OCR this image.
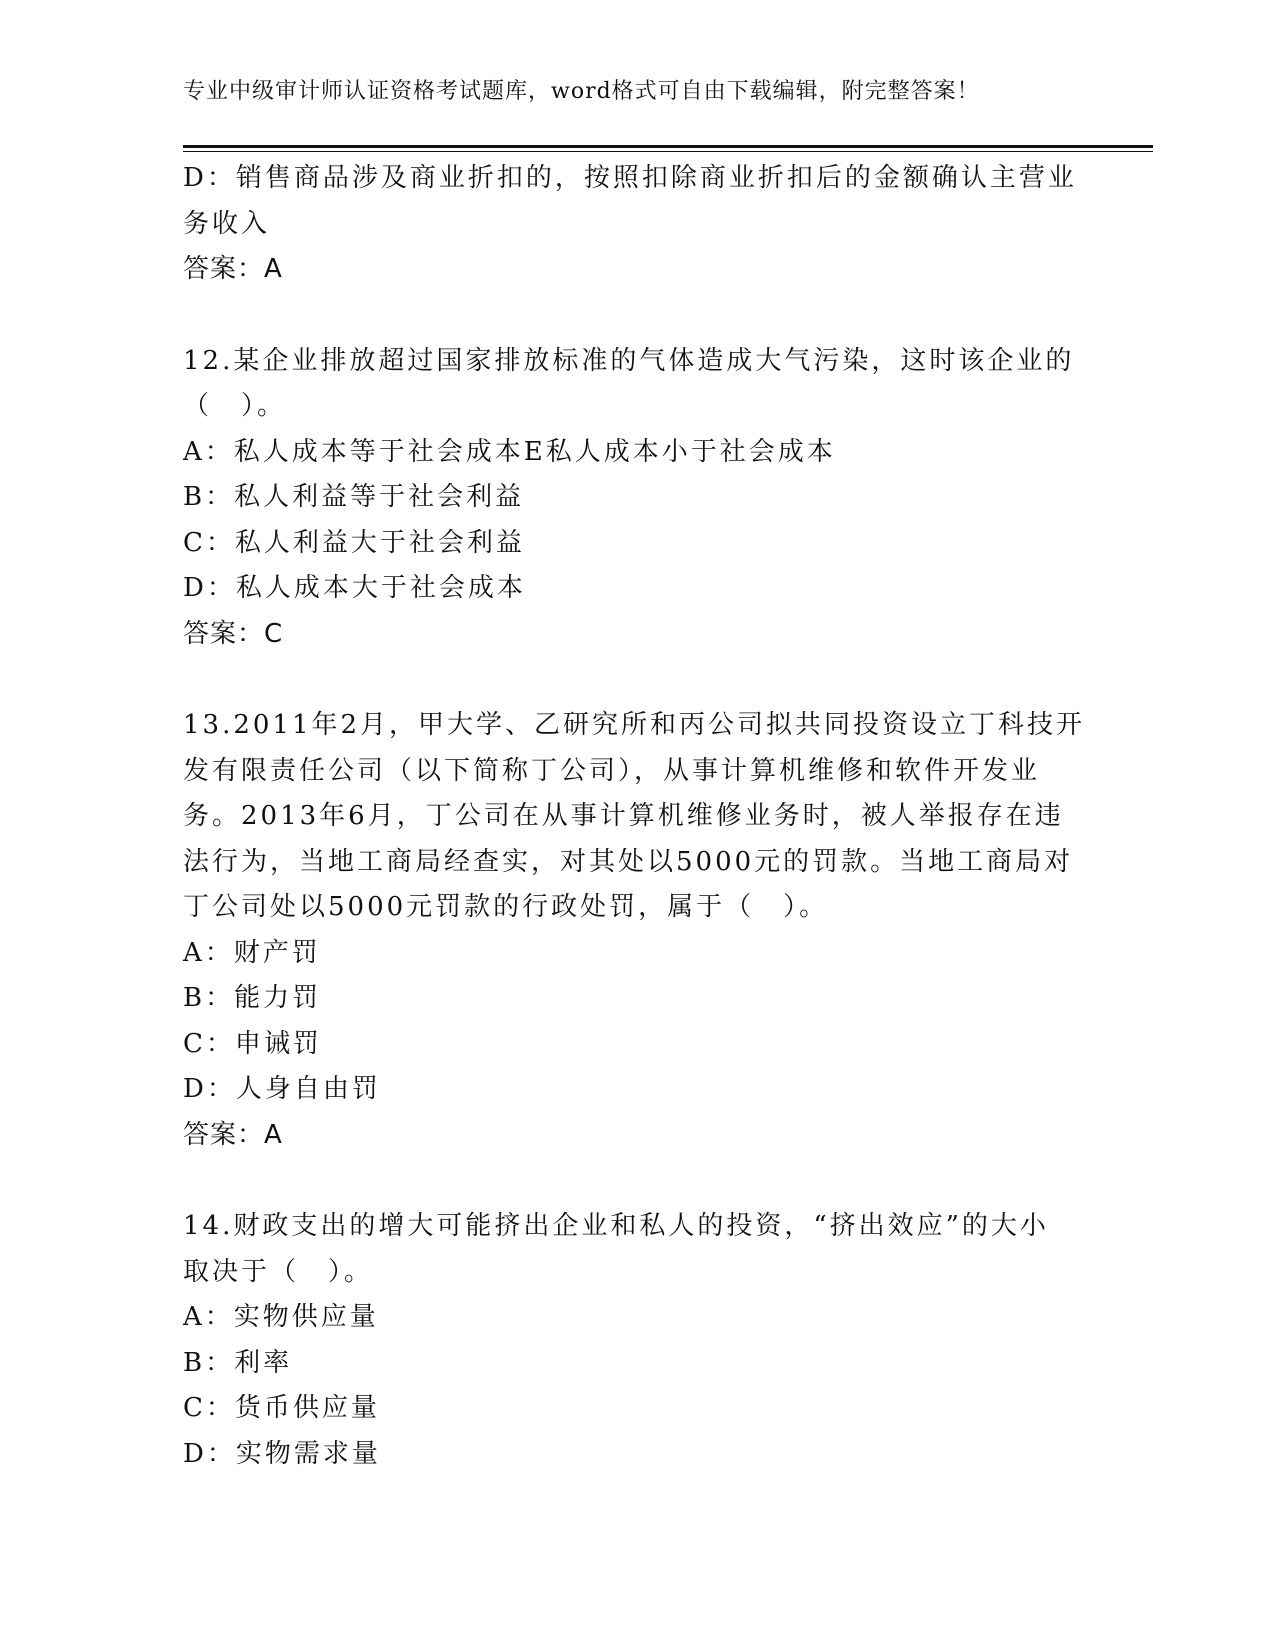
专业中级审计师认证资格考试题库，word格式可自由下载编辑，附完整答案！
D：销售商品涉及商业折扣的，按照扣除商业折扣后的金额确认主营业
务收入
答案：A
12.某企业排放超过国家排放标准的气体造成大气污染，这时该企业的
（　）。
A：私人成本等于社会成本E私人成本小于社会成本
B：私人利益等于社会利益
C：私人利益大于社会利益
D：私人成本大于社会成本
答案：C
13.2011年2月，甲大学、乙研究所和丙公司拟共同投资设立丁科技开
发有限责任公司（以下简称丁公司），从事计算机维修和软件开发业
务。2013年6月，丁公司在从事计算机维修业务时，被人举报存在违
法行为，当地工商局经查实，对其处以5000元的罚款。当地工商局对
丁公司处以5000元罚款的行政处罚，属于（　）。
A：财产罚
B：能力罚
C：申诫罚
D：人身自由罚
答案：A
14.财政支出的增大可能挤出企业和私人的投资，“挤出效应”的大小
取决于（　）。
A：实物供应量
B：利率
C：货币供应量
D：实物需求量
